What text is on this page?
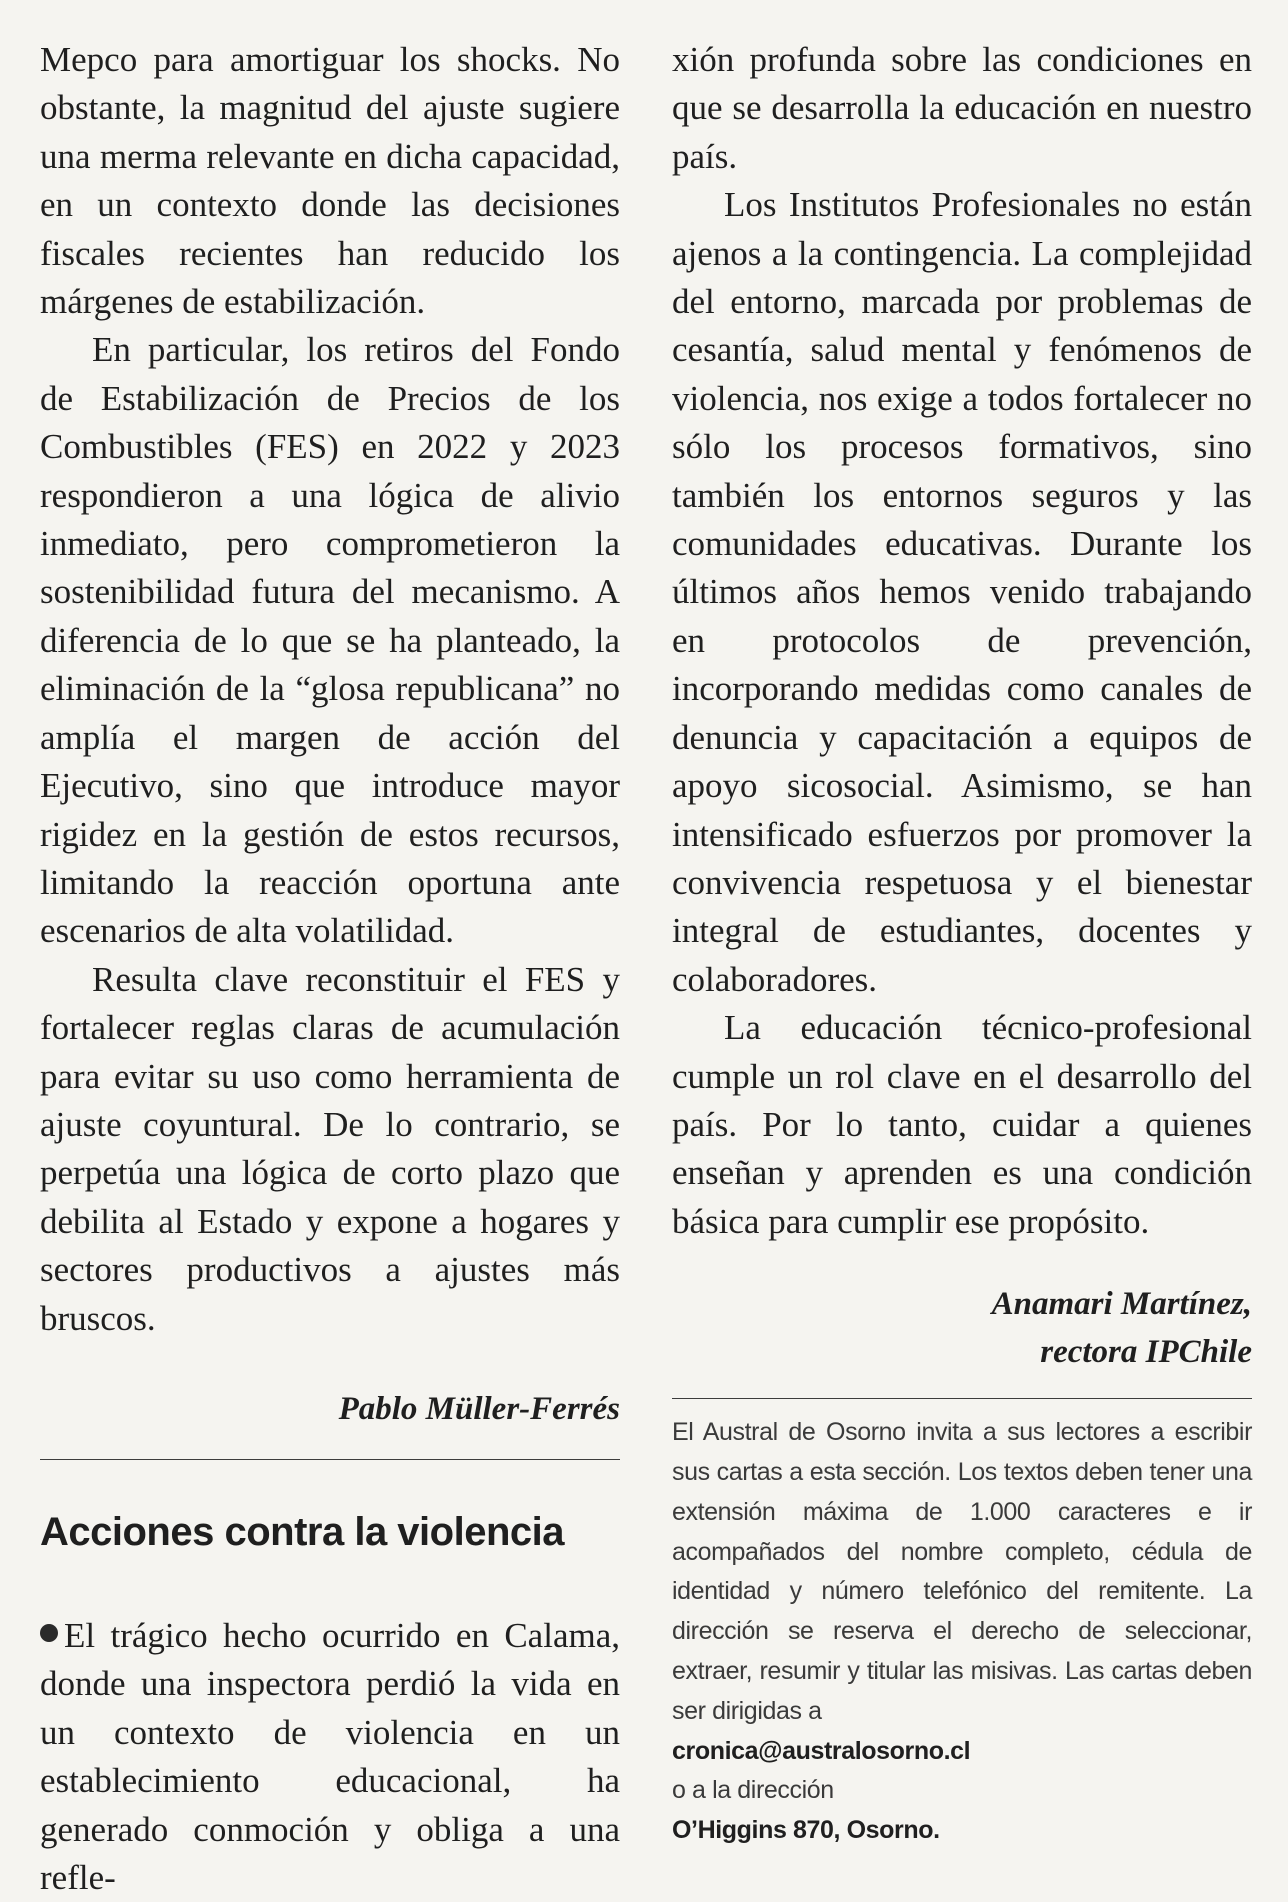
Mepco para amortiguar los shocks. No obstante, la magnitud del ajuste sugiere una merma relevante en dicha capacidad, en un contexto donde las decisiones fiscales recientes han reducido los márgenes de estabilización.

En particular, los retiros del Fondo de Estabilización de Precios de los Combustibles (FES) en 2022 y 2023 respondieron a una lógica de alivio inmediato, pero comprometieron la sostenibilidad futura del mecanismo. A diferencia de lo que se ha planteado, la eliminación de la “glosa republicana” no amplía el margen de acción del Ejecutivo, sino que introduce mayor rigidez en la gestión de estos recursos, limitando la reacción oportuna ante escenarios de alta volatilidad.

Resulta clave reconstituir el FES y fortalecer reglas claras de acumulación para evitar su uso como herramienta de ajuste coyuntural. De lo contrario, se perpetúa una lógica de corto plazo que debilita al Estado y expone a hogares y sectores productivos a ajustes más bruscos.

Pablo Müller-Ferrés
Acciones contra la violencia

El trágico hecho ocurrido en Calama, donde una inspectora perdió la vida en un contexto de violencia en un establecimiento educacional, ha generado conmoción y obliga a una refle-

xión profunda sobre las condiciones en que se desarrolla la educación en nuestro país.

Los Institutos Profesionales no están ajenos a la contingencia. La complejidad del entorno, marcada por problemas de cesantía, salud mental y fenómenos de violencia, nos exige a todos fortalecer no sólo los procesos formativos, sino también los entornos seguros y las comunidades educativas. Durante los últimos años hemos venido trabajando en protocolos de prevención, incorporando medidas como canales de denuncia y capacitación a equipos de apoyo sicosocial. Asimismo, se han intensificado esfuerzos por promover la convivencia respetuosa y el bienestar integral de estudiantes, docentes y colaboradores.

La educación técnico-profesional cumple un rol clave en el desarrollo del país. Por lo tanto, cuidar a quienes enseñan y aprenden es una condición básica para cumplir ese propósito.

Anamari Martínez,
rectora IPChile

El Austral de Osorno invita a sus lectores a escribir sus cartas a esta sección. Los textos deben tener una extensión máxima de 1.000 caracteres e ir acompañados del nombre completo, cédula de identidad y número telefónico del remitente. La dirección se reserva el derecho de seleccionar, extraer, resumir y titular las misivas. Las cartas deben ser dirigidas a

cronica@australosorno.cl
o a la dirección
O’Higgins 870, Osorno.
